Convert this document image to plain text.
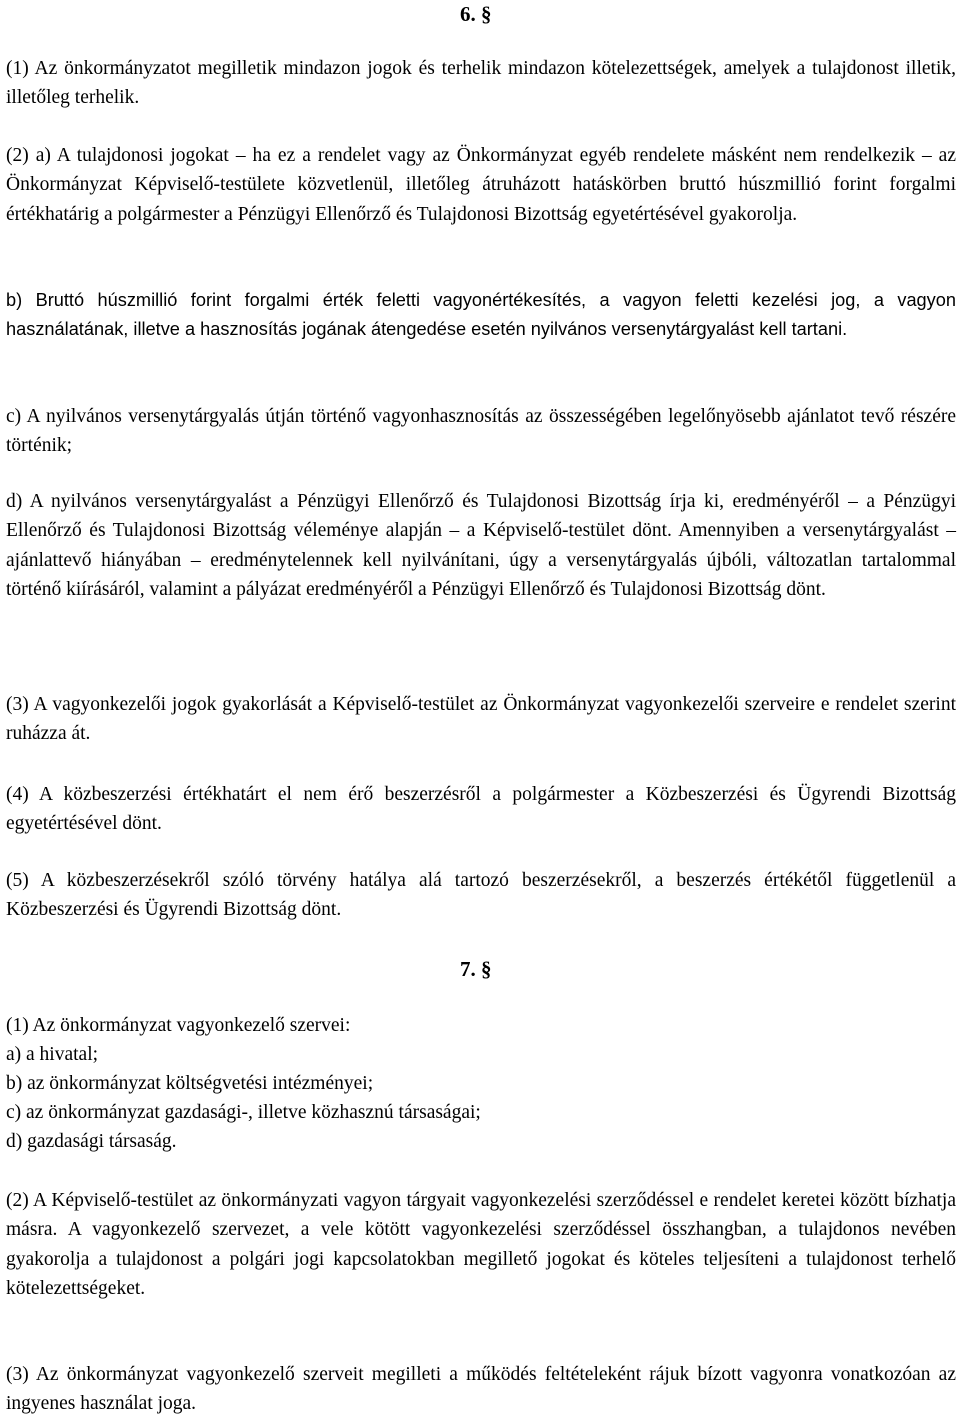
6. §

(1) Az önkormányzatot megilletik mindazon jogok és terhelik mindazon kötelezettségek, amelyek a tulajdonost illetik, illetőleg terhelik.

(2) a) A tulajdonosi jogokat – ha ez a rendelet vagy az Önkormányzat egyéb rendelete másként nem rendelkezik – az Önkormányzat Képviselő-testülete közvetlenül, illetőleg átruházott hatáskörben bruttó húszmillió forint forgalmi értékhatárig a polgármester a Pénzügyi Ellenőrző és Tulajdonosi Bizottság egyetértésével gyakorolja.

b) Bruttó húszmillió forint forgalmi érték feletti vagyonértékesítés, a vagyon feletti kezelési jog, a vagyon használatának, illetve a hasznosítás jogának átengedése esetén nyilvános versenytárgyalást kell tartani.

c) A nyilvános versenytárgyalás útján történő vagyonhasznosítás az összességében legelőnyösebb ajánlatot tevő részére történik;

d) A nyilvános versenytárgyalást a Pénzügyi Ellenőrző és Tulajdonosi Bizottság írja ki, eredményéről – a Pénzügyi Ellenőrző és Tulajdonosi Bizottság véleménye alapján – a Képviselő-testület dönt. Amennyiben a versenytárgyalást – ajánlattevő hiányában – eredménytelennek kell nyilvánítani, úgy a versenytárgyalás újbóli, változatlan tartalommal történő kiírásáról, valamint a pályázat eredményéről a Pénzügyi Ellenőrző és Tulajdonosi Bizottság dönt.

(3) A vagyonkezelői jogok gyakorlását a Képviselő-testület az Önkormányzat vagyonkezelői szerveire e rendelet szerint ruházza át.

(4) A közbeszerzési értékhatárt el nem érő beszerzésről a polgármester a Közbeszerzési és Ügyrendi Bizottság egyetértésével dönt.

(5) A közbeszerzésekről szóló törvény hatálya alá tartozó beszerzésekről, a beszerzés értékétől függetlenül a Közbeszerzési és Ügyrendi Bizottság dönt.

7. §

(1) Az önkormányzat vagyonkezelő szervei:

a) a hivatal;

b) az önkormányzat költségvetési intézményei;

c) az önkormányzat gazdasági-, illetve közhasznú társaságai;

d) gazdasági társaság.

(2) A Képviselő-testület az önkormányzati vagyon tárgyait vagyonkezelési szerződéssel e rendelet keretei között bízhatja másra. A vagyonkezelő szervezet, a vele kötött vagyonkezelési szerződéssel összhangban, a tulajdonos nevében gyakorolja a tulajdonost a polgári jogi kapcsolatokban megillető jogokat és köteles teljesíteni a tulajdonost terhelő kötelezettségeket.

(3) Az önkormányzat vagyonkezelő szerveit megilleti a működés feltételeként rájuk bízott vagyonra vonatkozóan az ingyenes használat joga.
